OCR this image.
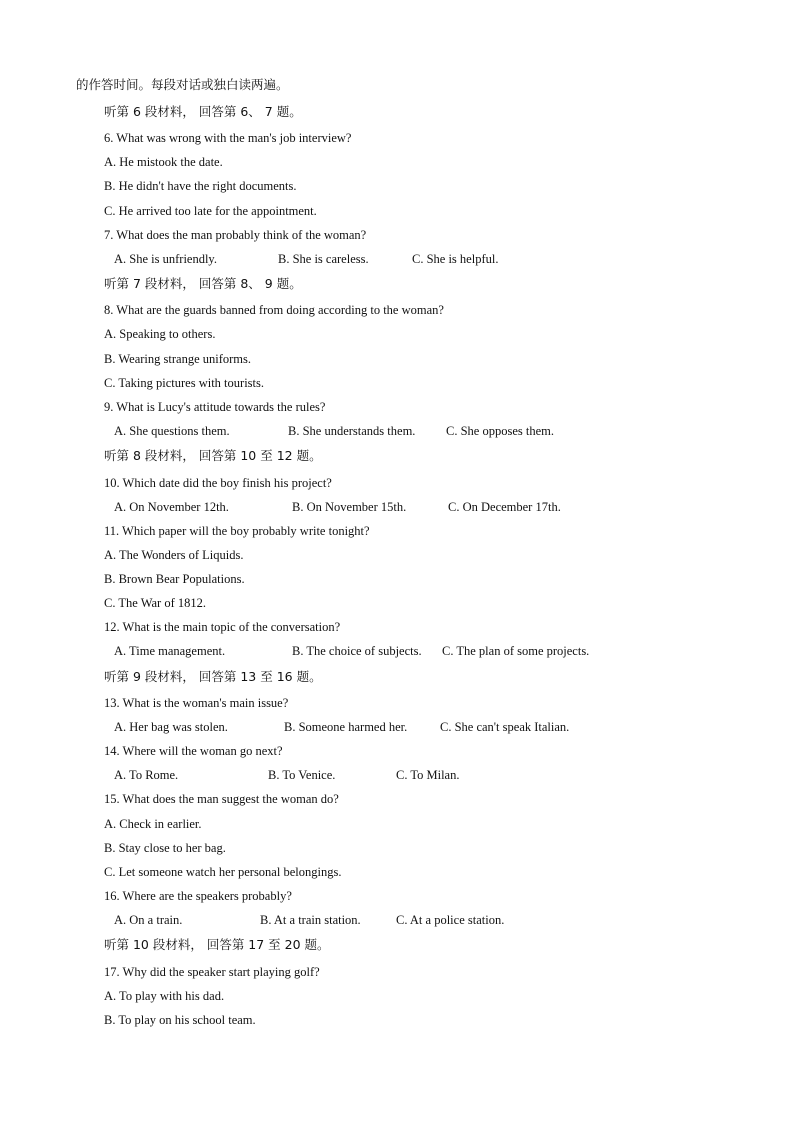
的作答时间。每段对话或独白读两遍。
听第 6 段材料， 回答第 6、 7 题。
6. What was wrong with the man's job interview?
A. He mistook the date.
B. He didn't have the right documents.
C. He arrived too late for the appointment.
7. What does the man probably think of the woman?
A. She is unfriendly.	B. She is careless.	C. She is helpful.
听第 7 段材料， 回答第 8、 9 题。
8. What are the guards banned from doing according to the woman?
A. Speaking to others.
B. Wearing strange uniforms.
C. Taking pictures with tourists.
9. What is Lucy's attitude towards the rules?
A. She questions them.	B. She understands them. C. She opposes them.
听第 8 段材料， 回答第 10 至 12 题。
10. Which date did the boy finish his project?
A. On November 12th.	B. On November 15th.	C. On December 17th.
11. Which paper will the boy probably write tonight?
A. The Wonders of Liquids.
B. Brown Bear Populations.
C. The War of 1812.
12. What is the main topic of the conversation?
A. Time management.	B. The choice of subjects. C. The plan of some projects.
听第 9 段材料， 回答第 13 至 16 题。
13. What is the woman's main issue?
A. Her bag was stolen.	B. Someone harmed her.	C. She can't speak Italian.
14. Where will the woman go next?
A. To Rome.	B. To Venice.	C. To Milan.
15. What does the man suggest the woman do?
A. Check in earlier.
B. Stay close to her bag.
C. Let someone watch her personal belongings.
16. Where are the speakers probably?
A. On a train.	B. At a train station.	C. At a police station.
听第 10 段材料， 回答第 17 至 20 题。
17. Why did the speaker start playing golf?
A. To play with his dad.
B. To play on his school team.
